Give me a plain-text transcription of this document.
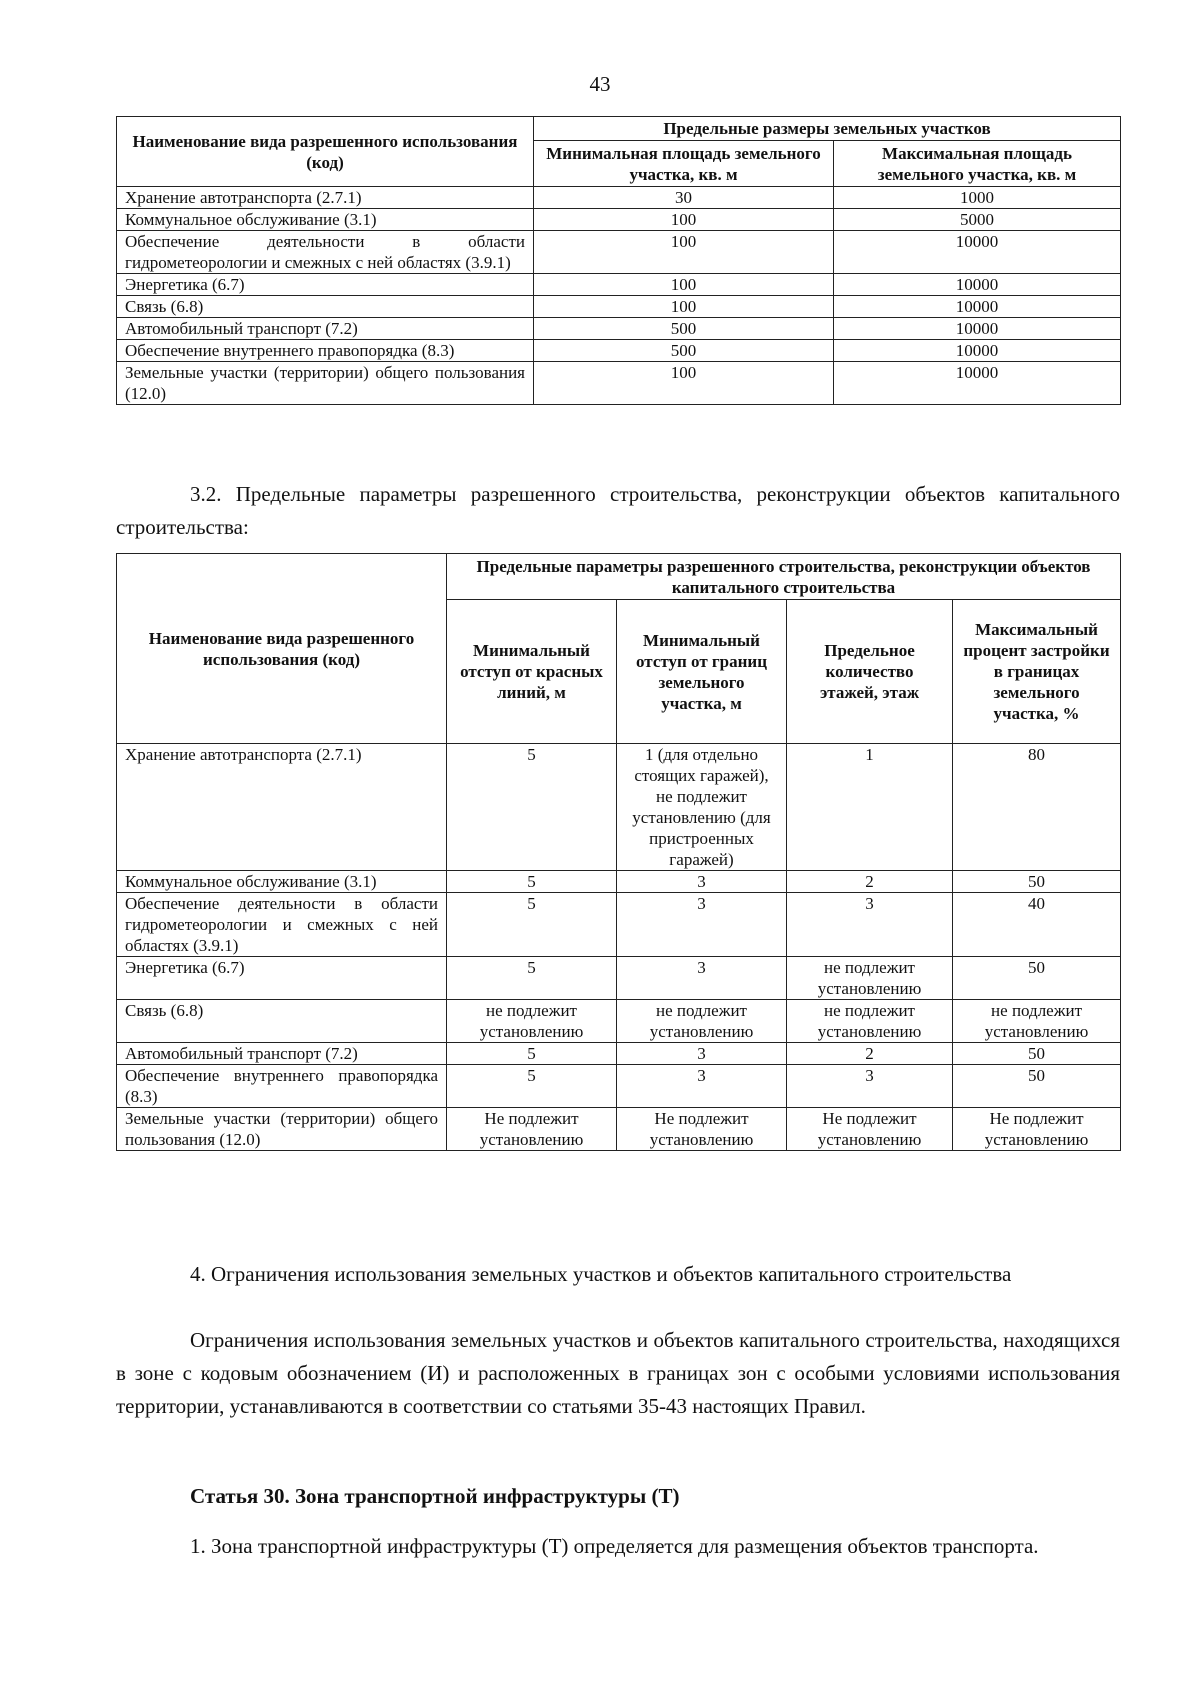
43
Наименование вида разрешенного использования (код)	Предельные размеры земельных участков	
	Минимальная площадь земельного участка, кв. м	Максимальная площадь земельного участка, кв. м
Хранение автотранспорта (2.7.1)	30	1000
Коммунальное обслуживание (3.1)	100	5000
Обеспечение деятельности в области гидрометеорологии и смежных с ней областях (3.9.1)	100	10000
Энергетика (6.7)	100	10000
Связь (6.8)	100	10000
Автомобильный транспорт (7.2)	500	10000
Обеспечение внутреннего правопорядка (8.3)	500	10000
Земельные участки (территории) общего пользования (12.0)	100	10000
3.2. Предельные параметры разрешенного строительства, реконструкции объектов капитального строительства:
Наименование вида разрешенного использования (код)	Предельные параметры разрешенного строительства, реконструкции объектов капитального строительства			
	Минимальный отступ от красных линий, м	Минимальный отступ от границ земельного участка, м	Предельное количество этажей, этаж	Максимальный процент застройки в границах земельного участка, %
Хранение автотранспорта (2.7.1)	5	1 (для отдельно стоящих гаражей), не подлежит установлению (для пристроенных гаражей)	1	80
Коммунальное обслуживание (3.1)	5	3	2	50
Обеспечение деятельности в области гидрометеорологии и смежных с ней областях (3.9.1)	5	3	3	40
Энергетика (6.7)	5	3	не подлежит установлению	50
Связь (6.8)	не подлежит установлению	не подлежит установлению	не подлежит установлению	не подлежит установлению
Автомобильный транспорт (7.2)	5	3	2	50
Обеспечение внутреннего правопорядка (8.3)	5	3	3	50
Земельные участки (территории) общего пользования (12.0)	Не подлежит установлению	Не подлежит установлению	Не подлежит установлению	Не подлежит установлению
4. Ограничения использования земельных участков и объектов капитального строительства
Ограничения использования земельных участков и объектов капитального строительства, находящихся в зоне с кодовым обозначением (И) и расположенных в границах зон с особыми условиями использования территории, устанавливаются в соответствии со статьями 35-43 настоящих Правил.
Статья 30. Зона транспортной инфраструктуры (Т)
1. Зона транспортной инфраструктуры (Т) определяется для размещения объектов транспорта.
